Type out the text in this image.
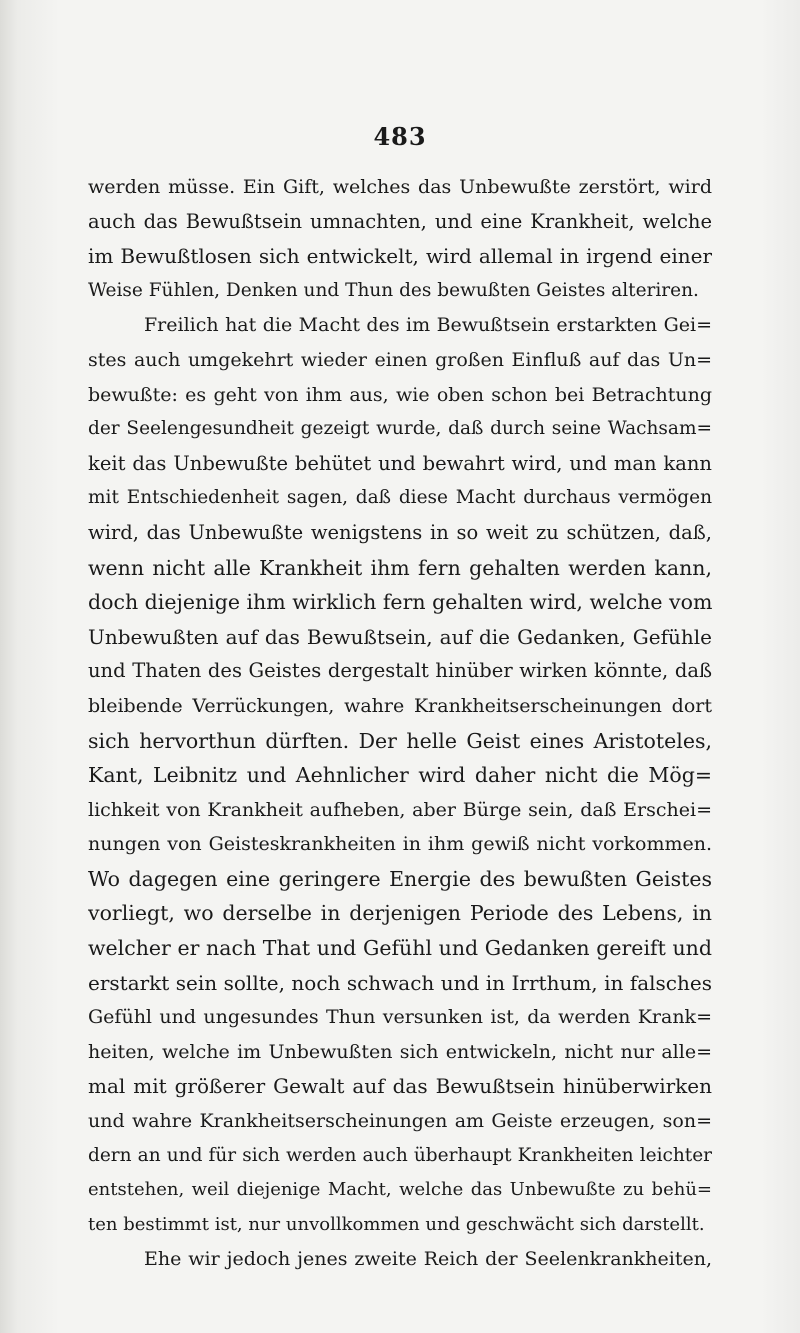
483
werden müsse. Ein Gift, welches das Unbewußte zerstört, wird
auch das Bewußtsein umnachten, und eine Krankheit, welche
im Bewußtlosen sich entwickelt, wird allemal in irgend einer
Weise Fühlen, Denken und Thun des bewußten Geistes alteriren.
Freilich hat die Macht des im Bewußtsein erstarkten Gei=
stes auch umgekehrt wieder einen großen Einfluß auf das Un=
bewußte: es geht von ihm aus, wie oben schon bei Betrachtung
der Seelengesundheit gezeigt wurde, daß durch seine Wachsam=
keit das Unbewußte behütet und bewahrt wird, und man kann
mit Entschiedenheit sagen, daß diese Macht durchaus vermögen
wird, das Unbewußte wenigstens in so weit zu schützen, daß,
wenn nicht alle Krankheit ihm fern gehalten werden kann,
doch diejenige ihm wirklich fern gehalten wird, welche vom
Unbewußten auf das Bewußtsein, auf die Gedanken, Gefühle
und Thaten des Geistes dergestalt hinüber wirken könnte, daß
bleibende Verrückungen, wahre Krankheitserscheinungen dort
sich hervorthun dürften. Der helle Geist eines Aristoteles,
Kant, Leibnitz und Aehnlicher wird daher nicht die Mög=
lichkeit von Krankheit aufheben, aber Bürge sein, daß Erschei=
nungen von Geisteskrankheiten in ihm gewiß nicht vorkommen.
Wo dagegen eine geringere Energie des bewußten Geistes
vorliegt, wo derselbe in derjenigen Periode des Lebens, in
welcher er nach That und Gefühl und Gedanken gereift und
erstarkt sein sollte, noch schwach und in Irrthum, in falsches
Gefühl und ungesundes Thun versunken ist, da werden Krank=
heiten, welche im Unbewußten sich entwickeln, nicht nur alle=
mal mit größerer Gewalt auf das Bewußtsein hinüberwirken
und wahre Krankheitserscheinungen am Geiste erzeugen, son=
dern an und für sich werden auch überhaupt Krankheiten leichter
entstehen, weil diejenige Macht, welche das Unbewußte zu behü=
ten bestimmt ist, nur unvollkommen und geschwächt sich darstellt.
Ehe wir jedoch jenes zweite Reich der Seelenkrankheiten,
